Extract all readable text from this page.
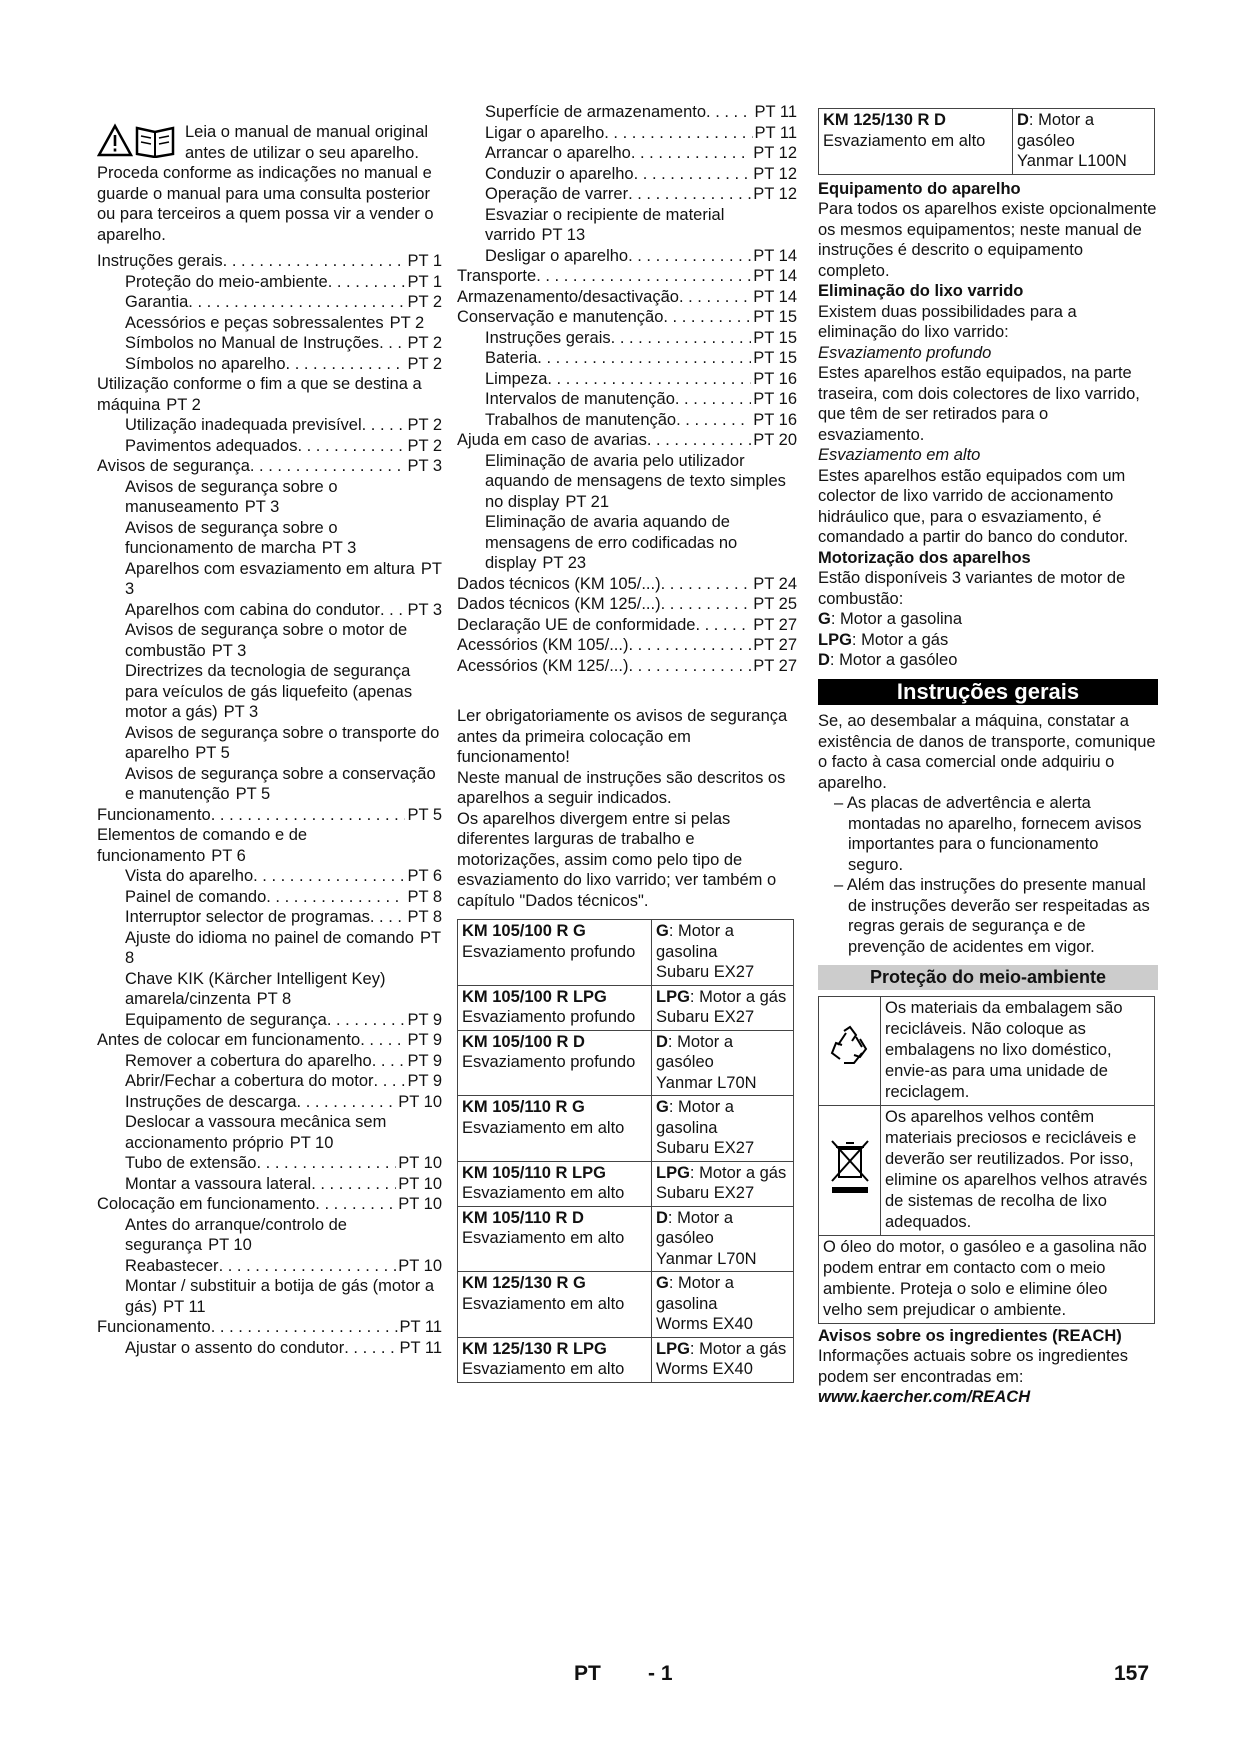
Leia o manual de manual original antes de utilizar o seu aparelho. Proceda conforme as indicações no manual e guarde o manual para uma consulta posterior ou para terceiros a quem possa vir a vender o aparelho.

Instruções gerais . . .	PT 1
Proteção do meio-ambiente . . .	PT 1
Garantia . . .	PT 2
Acessórios e peças sobressalentes PT 2
Símbolos no Manual de Instruções . . . PT 2
Símbolos no aparelho . . .	PT 2
Utilização conforme o fim a que se destina a máquina PT 2
Utilização inadequada previsível . . .	PT 2
Pavimentos adequados . . .	PT 2
Avisos de segurança . . .	PT 3
Avisos de segurança sobre o manuseamento PT 3
Avisos de segurança sobre o funcionamento de marcha PT 3
Aparelhos com esvaziamento em altura PT 3
Aparelhos com cabina do condutor . . . PT 3
Avisos de segurança sobre o motor de combustão PT 3
Directrizes da tecnologia de segurança para veículos de gás liquefeito (apenas motor a gás) PT 3
Avisos de segurança sobre o transporte do aparelho PT 5
Avisos de segurança sobre a conservação e manutenção PT 5
Funcionamento . . .	PT 5
Elementos de comando e de funcionamento PT 6
Vista do aparelho . . .	PT 6
Painel de comando . . .	PT 8
Interruptor selector de programas . . . PT 8
Ajuste do idioma no painel de comando PT 8
Chave KIK (Kärcher Intelligent Key) amarela/cinzenta PT 8
Equipamento de segurança . . .	PT 9
Antes de colocar em funcionamento . . .	PT 9
Remover a cobertura do aparelho . . . PT 9
Abrir/Fechar a cobertura do motor . . . PT 9
Instruções de descarga . . .	PT 10
Deslocar a vassoura mecânica sem accionamento próprio PT 10
Tubo de extensão . . .	PT 10
Montar a vassoura lateral . . .	PT 10
Colocação em funcionamento . . .	PT 10
Antes do arranque/controlo de segurança PT 10
Reabastecer . . .	PT 10
Montar / substituir a botija de gás (motor a gás) PT 11
Funcionamento . . .	PT 11
Ajustar o assento do condutor . . .	PT 11
Superfície de armazenamento . . .	PT 11
Ligar o aparelho . . .	PT 11
Arrancar o aparelho . . .	PT 12
Conduzir o aparelho . . .	PT 12
Operação de varrer . . .	PT 12
Esvaziar o recipiente de material varrido PT 13
Desligar o aparelho . . .	PT 14
Transporte . . .	PT 14
Armazenamento/desactivação . . .	PT 14
Conservação e manutenção . . .	PT 15
Instruções gerais . . .	PT 15
Bateria . . .	PT 15
Limpeza . . .	PT 16
Intervalos de manutenção . . .	PT 16
Trabalhos de manutenção . . .	PT 16
Ajuda em caso de avarias . . .	PT 20
Eliminação de avaria pelo utilizador aquando de mensagens de texto simples no display PT 21
Eliminação de avaria aquando de mensagens de erro codificadas no display PT 23
Dados técnicos (KM 105/...) . . .	PT 24
Dados técnicos (KM 125/...) . . .	PT 25
Declaração UE de conformidade . . .	PT 27
Acessórios (KM 105/...) . . .	PT 27
Acessórios (KM 125/...) . . .	PT 27

Ler obrigatoriamente os avisos de segurança antes da primeira colocação em funcionamento!

Neste manual de instruções são descritos os aparelhos a seguir indicados.

Os aparelhos divergem entre si pelas diferentes larguras de trabalho e motorizações, assim como pelo tipo de esvaziamento do lixo varrido; ver também o capítulo "Dados técnicos".

KM 105/100 R G
Esvaziamento profundo	G: Motor a gasolina
Subaru EX27
KM 105/100 R LPG
Esvaziamento profundo	LPG: Motor a gás
Subaru EX27
KM 105/100 R D
Esvaziamento profundo	D: Motor a gasóleo
Yanmar L70N
KM 105/110 R G
Esvaziamento em alto	G: Motor a gasolina
Subaru EX27
KM 105/110 R LPG
Esvaziamento em alto	LPG: Motor a gás
Subaru EX27
KM 105/110 R D
Esvaziamento em alto	D: Motor a gasóleo
Yanmar L70N
KM 125/130 R G
Esvaziamento em alto	G: Motor a gasolina
Worms EX40
KM 125/130 R LPG
Esvaziamento em alto	LPG: Motor a gás
Worms EX40
KM 125/130 R D
Esvaziamento em alto	D: Motor a gasóleo
Yanmar L100N

Equipamento do aparelho

Para todos os aparelhos existe opcionalmente os mesmos equipamentos; neste manual de instruções é descrito o equipamento completo.

Eliminação do lixo varrido

Existem duas possibilidades para a eliminação do lixo varrido:

Esvaziamento profundo

Estes aparelhos estão equipados, na parte traseira, com dois colectores de lixo varrido, que têm de ser retirados para o esvaziamento.

Esvaziamento em alto

Estes aparelhos estão equipados com um colector de lixo varrido de accionamento hidráulico que, para o esvaziamento, é comandado a partir do banco do condutor.

Motorização dos aparelhos

Estão disponíveis 3 variantes de motor de combustão:

G: Motor a gasolina

LPG: Motor a gás

D: Motor a gasóleo

Instruções gerais

Se, ao desembalar a máquina, constatar a existência de danos de transporte, comunique o facto à casa comercial onde adquiriu o aparelho.

– As placas de advertência e alerta montadas no aparelho, fornecem avisos importantes para o funcionamento seguro.

– Além das instruções do presente manual de instruções deverão ser respeitadas as regras gerais de segurança e de prevenção de acidentes em vigor.

Proteção do meio-ambiente
	Os materiais da embalagem são recicláveis. Não coloque as embalagens no lixo doméstico, envie-as para uma unidade de reciclagem.
	Os aparelhos velhos contêm materiais preciosos e recicláveis e deverão ser reutilizados. Por isso, elimine os aparelhos velhos através de sistemas de recolha de lixo adequados.
O óleo do motor, o gasóleo e a gasolina não podem entrar em contacto com o meio ambiente. Proteja o solo e elimine óleo velho sem prejudicar o ambiente.	

Avisos sobre os ingredientes (REACH)

Informações actuais sobre os ingredientes podem ser encontradas em:

www.kaercher.com/REACH

PT - 1	157
